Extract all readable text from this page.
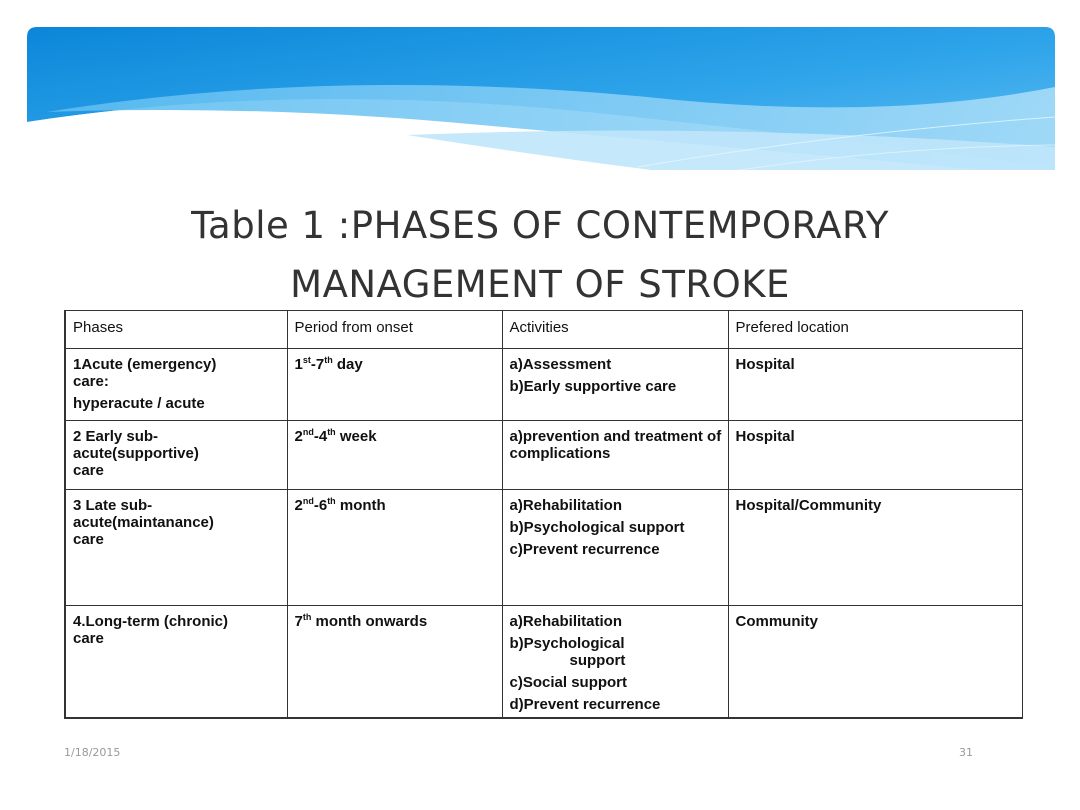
Table 1 :PHASES OF CONTEMPORARY
MANAGEMENT OF STROKE
Phases	Period from onset	Activities	Prefered location

1Acute (emergency)
care:
hyperacute / acute	1st-7th day	a)Assessment
b)Early supportive care	Hospital

2 Early sub-
acute(supportive)
care	2nd-4th week	a)prevention and treatment of complications	Hospital

3 Late sub-
acute(maintanance)
care	2nd-6th month	a)Rehabilitation
b)Psychological support
c)Prevent recurrence	Hospital/Community

4.Long-term (chronic)
care	7th month onwards	a)Rehabilitation
b)Psychological
support
c)Social support
d)Prevent recurrence	Community
1/18/2015	31
